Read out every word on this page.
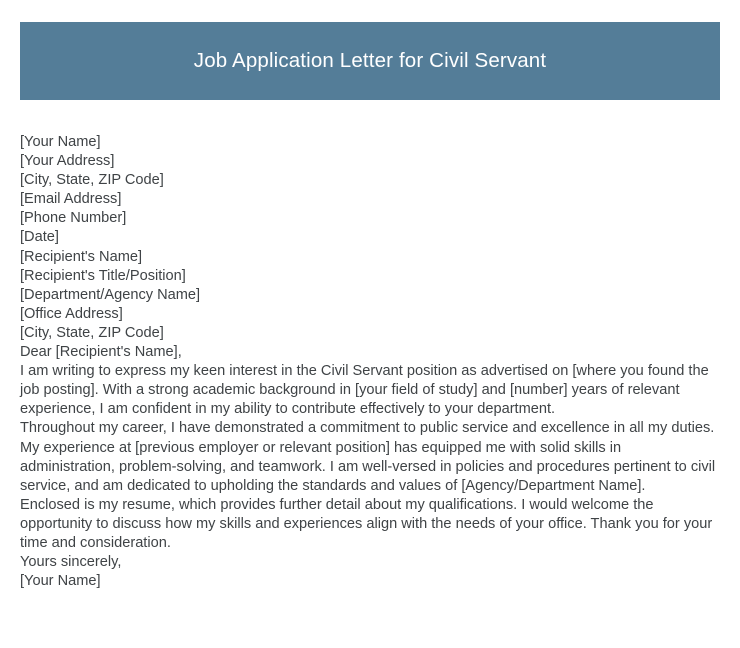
Job Application Letter for Civil Servant
[Your Name]
[Your Address]
[City, State, ZIP Code]
[Email Address]
[Phone Number]
[Date]
[Recipient's Name]
[Recipient's Title/Position]
[Department/Agency Name]
[Office Address]
[City, State, ZIP Code]
Dear [Recipient's Name],
I am writing to express my keen interest in the Civil Servant position as advertised on [where you found the job posting]. With a strong academic background in [your field of study] and [number] years of relevant experience, I am confident in my ability to contribute effectively to your department.
Throughout my career, I have demonstrated a commitment to public service and excellence in all my duties. My experience at [previous employer or relevant position] has equipped me with solid skills in administration, problem-solving, and teamwork. I am well-versed in policies and procedures pertinent to civil service, and am dedicated to upholding the standards and values of [Agency/Department Name].
Enclosed is my resume, which provides further detail about my qualifications. I would welcome the opportunity to discuss how my skills and experiences align with the needs of your office. Thank you for your time and consideration.
Yours sincerely,
[Your Name]
